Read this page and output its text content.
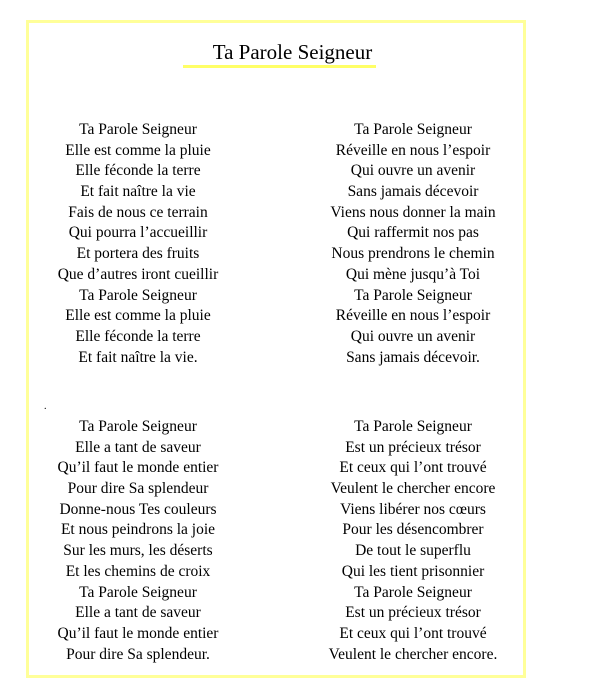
Ta Parole Seigneur
.
Ta Parole Seigneur
Elle est comme la pluie
Elle féconde la terre
Et fait naître la vie
Fais de nous ce terrain
Qui pourra l’accueillir
Et portera des fruits
Que d’autres iront cueillir
Ta Parole Seigneur
Elle est comme la pluie
Elle féconde la terre
Et fait naître la vie.
Ta Parole Seigneur
Réveille en nous l’espoir
Qui ouvre un avenir
Sans jamais décevoir
Viens nous donner la main
Qui raffermit nos pas
Nous prendrons le chemin
Qui mène jusqu’à Toi
Ta Parole Seigneur
Réveille en nous l’espoir
Qui ouvre un avenir
Sans jamais décevoir.
Ta Parole Seigneur
Elle a tant de saveur
Qu’il faut le monde entier
Pour dire Sa splendeur
Donne-nous Tes couleurs
Et nous peindrons la joie
Sur les murs, les déserts
Et les chemins de croix
Ta Parole Seigneur
Elle a tant de saveur
Qu’il faut le monde entier
Pour dire Sa splendeur.
Ta Parole Seigneur
Est un précieux trésor
Et ceux qui l’ont trouvé
Veulent le chercher encore
Viens libérer nos cœurs
Pour les désencombrer
De tout le superflu
Qui les tient prisonnier
Ta Parole Seigneur
Est un précieux trésor
Et ceux qui l’ont trouvé
Veulent le chercher encore.
